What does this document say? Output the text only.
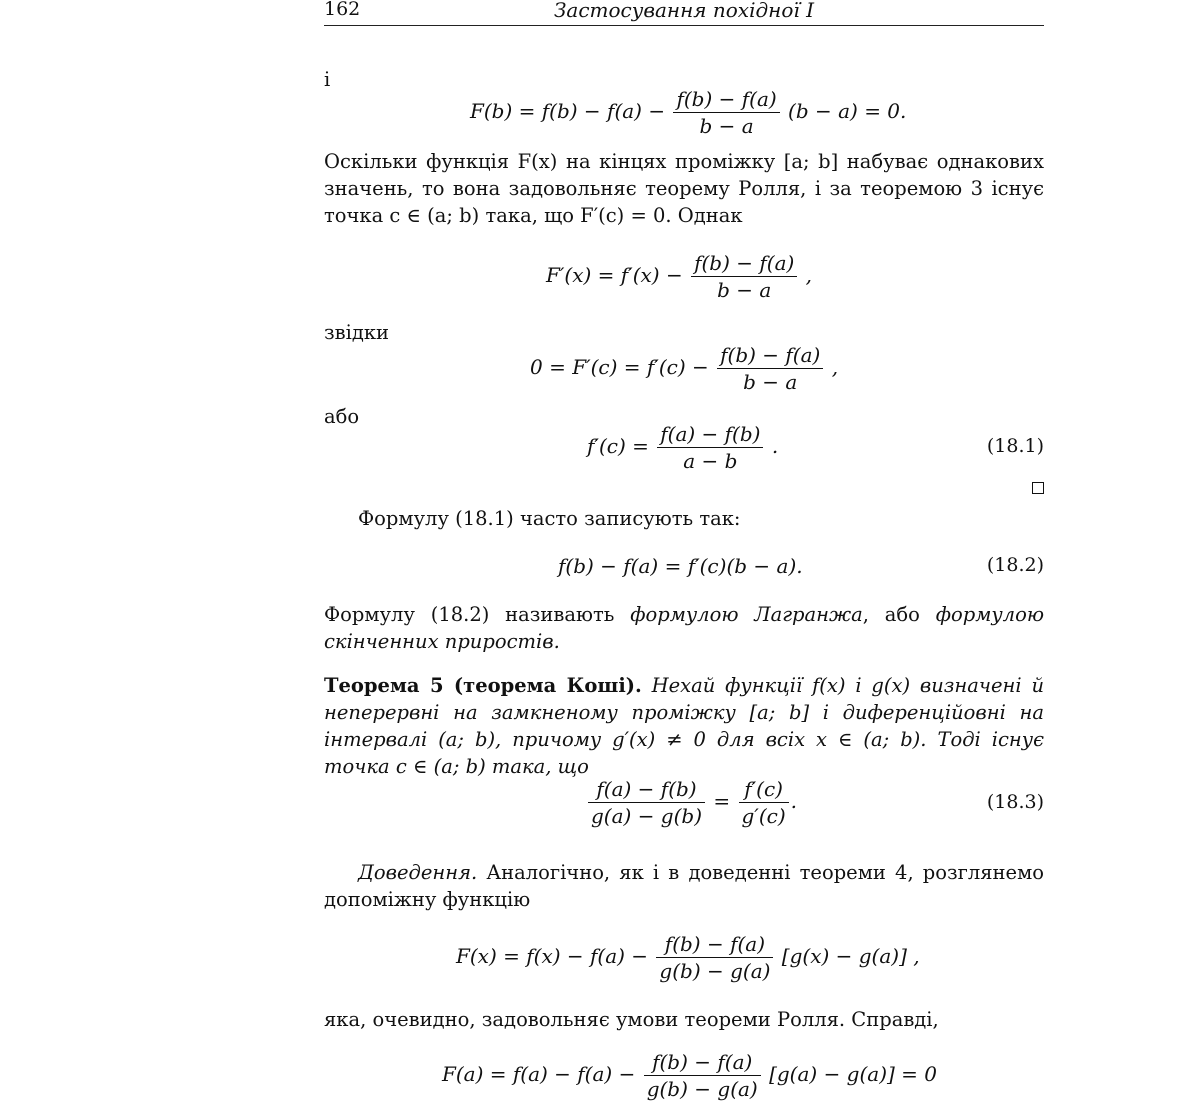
162	Застосування похідної I
і
$F(b) = f(b) - f(a) - \frac{f(b) - f(a)}{b - a} (b - a) = 0$.
Оскільки функція F(x) на кінцях проміжку [a; b] набуває однакових значень, то вона задовольняє теорему Ролля, і за теоремою 3 існує точка c ∈ (a; b) така, що F′(c) = 0. Однак
$F'(x) = f'(x) - \frac{f(b) - f(a)}{b - a}$ ,
звідки
$0 = F'(c) = f'(c) - \frac{f(b) - f(a)}{b - a}$ ,
або
$f'(c) = \frac{f(a) - f(b)}{a - b}$ .	(18.1)
Формулу (18.1) часто записують так:
f(b) − f(a) = f′(c)(b − a).	(18.2)
Формулу (18.2) називають формулою Лагранжа, або формулою скінченних приростів.
Теорема 5 (теорема Коші). Нехай функції f(x) і g(x) визначені й неперервні на замкненому проміжку [a; b] і диференційовні на інтервалі (a; b), причому g′(x) ≠ 0 для всіх x ∈ (a; b). Тоді існує точка c ∈ (a; b) така, що
$\frac{f(a) - f(b)}{g(a) - g(b)} = \frac{f'(c)}{g'(c)}$ .	(18.3)
Доведення. Аналогічно, як і в доведенні теореми 4, розглянемо допоміжну функцію
$F(x) = f(x) - f(a) - \frac{f(b) - f(a)}{g(b) - g(a)} [g(x) - g(a)]$ ,
яка, очевидно, задовольняє умови теореми Ролля. Справді,
$F(a) = f(a) - f(a) - \frac{f(b) - f(a)}{g(b) - g(a)} [g(a) - g(a)] = 0$
